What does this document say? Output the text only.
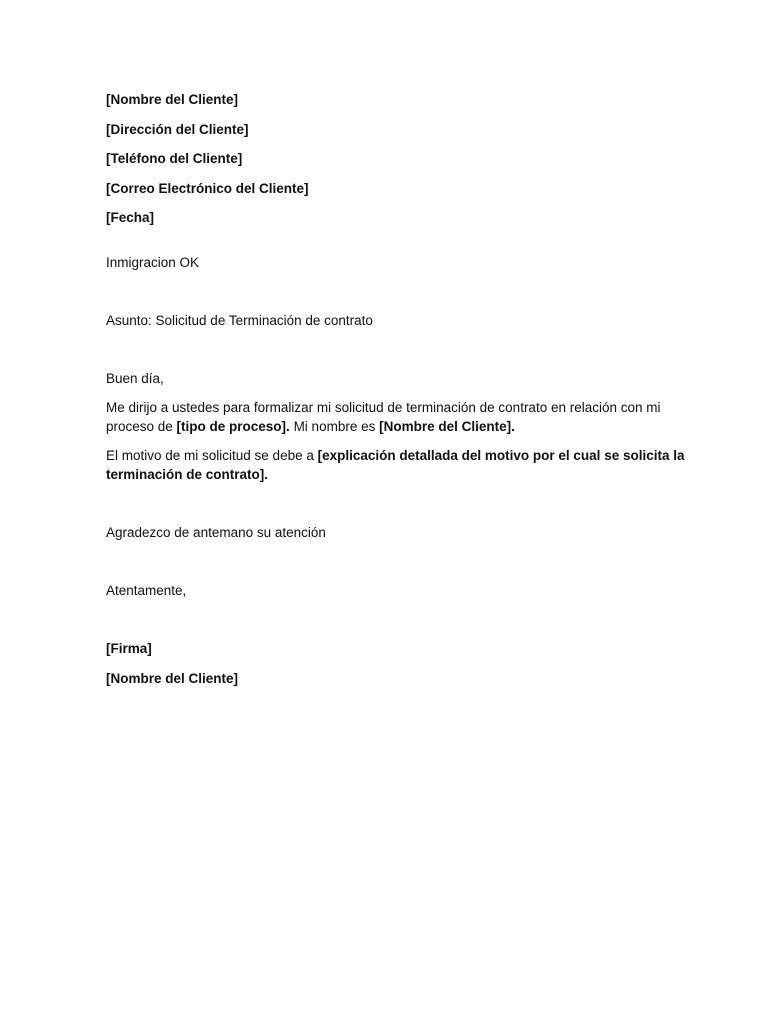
[Nombre del Cliente]

[Dirección del Cliente]

[Teléfono del Cliente]

[Correo Electrónico del Cliente]

[Fecha]

Inmigracion OK

Asunto: Solicitud de Terminación de contrato

Buen día,

Me dirijo a ustedes para formalizar mi solicitud de terminación de contrato en relación con mi

proceso de [tipo de proceso]. Mi nombre es [Nombre del Cliente].

El motivo de mi solicitud se debe a [explicación detallada del motivo por el cual se solicita la

terminación de contrato].

Agradezco de antemano su atención

Atentamente,

[Firma]

[Nombre del Cliente]
